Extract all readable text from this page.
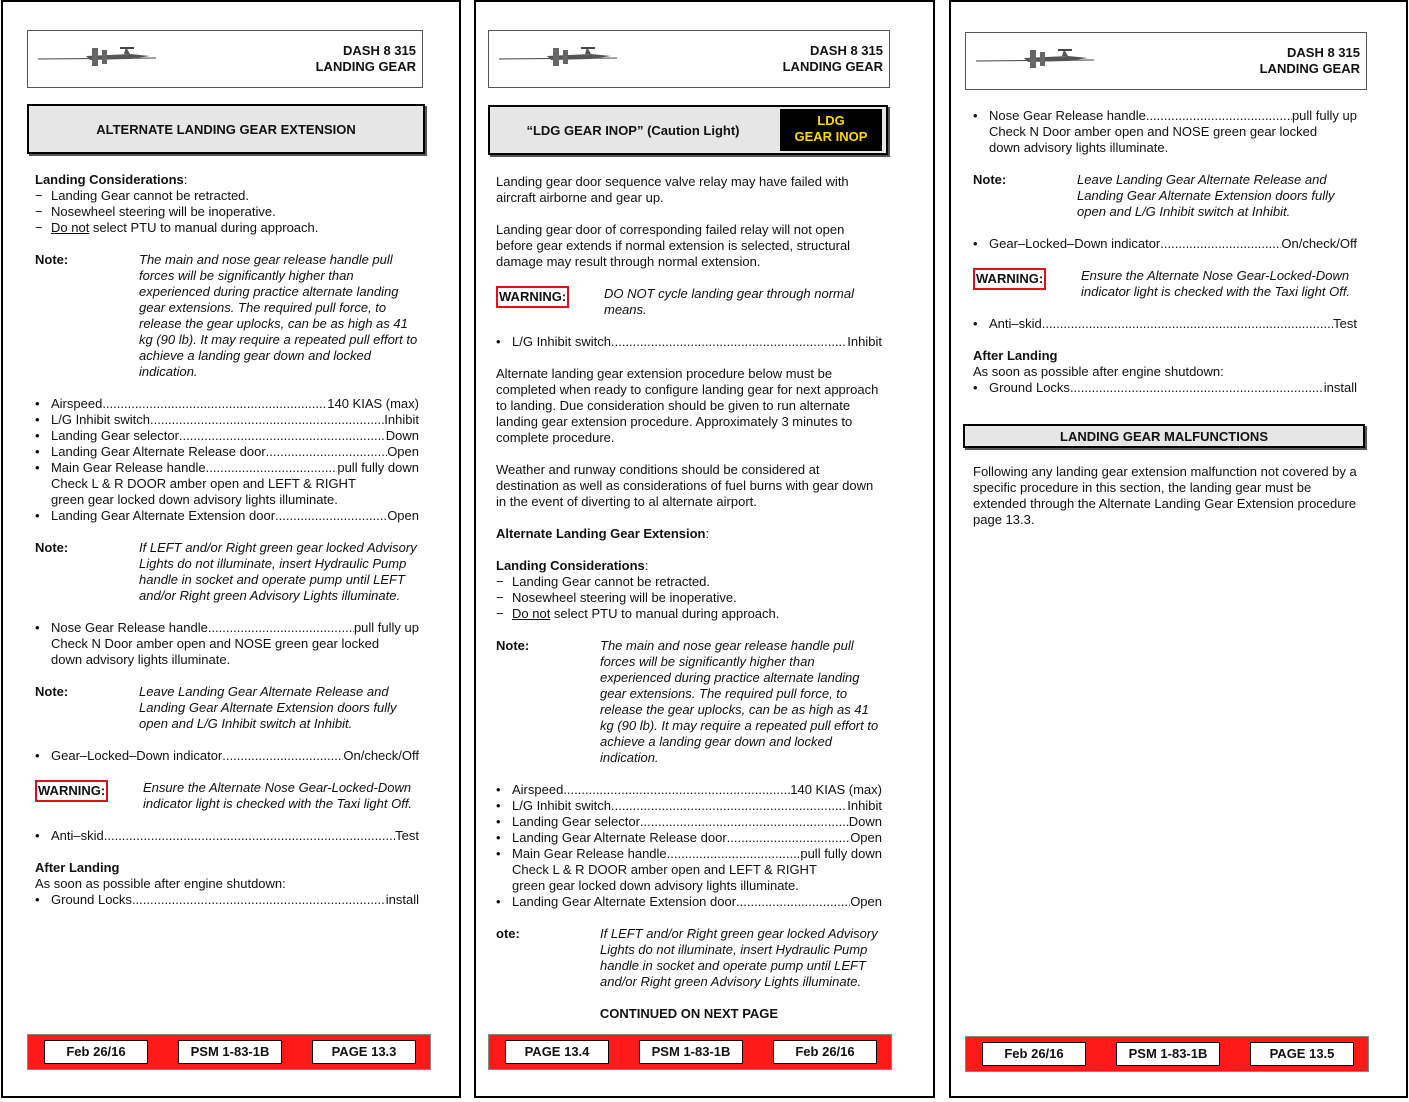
DASH 8 315
LANDING GEAR
ALTERNATE LANDING GEAR EXTENSION
Landing Considerations:
− Landing Gear cannot be retracted.
− Nosewheel steering will be inoperative.
− Do not select PTU to manual during approach.
Note:	The main and nose gear release handle pull forces will be significantly higher than experienced during practice alternate landing gear extensions. The required pull force, to release the gear uplocks, can be as high as 41 kg (90 lb). It may require a repeated pull effort to achieve a landing gear down and locked indication.
• Airspeed .....	140 KIAS (max)
• L/G Inhibit switch .....	Inhibit
• Landing Gear selector .....	Down
• Landing Gear Alternate Release door .....	Open
• Main Gear Release handle .....	pull fully down
Check L & R DOOR amber open and LEFT & RIGHT
green gear locked down advisory lights illuminate.
• Landing Gear Alternate Extension door .....	Open
Note:	If LEFT and/or Right green gear locked Advisory Lights do not illuminate, insert Hydraulic Pump handle in socket and operate pump until LEFT and/or Right green Advisory Lights illuminate.
• Nose Gear Release handle .....	pull fully up
Check N Door amber open and NOSE green gear locked
down advisory lights illuminate.
Note:	Leave Landing Gear Alternate Release and Landing Gear Alternate Extension doors fully open and L/G Inhibit switch at Inhibit.
• Gear–Locked–Down indicator .....	On/check/Off
WARNING:	Ensure the Alternate Nose Gear-Locked-Down indicator light is checked with the Taxi light Off.
• Anti–skid .....	Test
After Landing
As soon as possible after engine shutdown:
• Ground Locks .....	install
Feb 26/16	PSM 1-83-1B	PAGE 13.3
DASH 8 315
LANDING GEAR
“LDG GEAR INOP” (Caution Light)
LDG
GEAR INOP

Landing gear door sequence valve relay may have failed with aircraft airborne and gear up.

Landing gear door of corresponding failed relay will not open before gear extends if normal extension is selected, structural damage may result through normal extension.

WARNING:	DO NOT cycle landing gear through normal means.
• L/G Inhibit switch .....	Inhibit

Alternate landing gear extension procedure below must be completed when ready to configure landing gear for next approach to landing. Due consideration should be given to run alternate landing gear extension procedure. Approximately 3 minutes to complete procedure.

Weather and runway conditions should be considered at destination as well as considerations of fuel burns with gear down in the event of diverting to al alternate airport.

Alternate Landing Gear Extension:
Landing Considerations:
− Landing Gear cannot be retracted.
− Nosewheel steering will be inoperative.
− Do not select PTU to manual during approach.
Note:	The main and nose gear release handle pull forces will be significantly higher than experienced during practice alternate landing gear extensions. The required pull force, to release the gear uplocks, can be as high as 41 kg (90 lb). It may require a repeated pull effort to achieve a landing gear down and locked indication.
• Airspeed .....	140 KIAS (max)
• L/G Inhibit switch .....	Inhibit
• Landing Gear selector .....	Down
• Landing Gear Alternate Release door .....	Open
• Main Gear Release handle .....	pull fully down
Check L & R DOOR amber open and LEFT & RIGHT
green gear locked down advisory lights illuminate.
• Landing Gear Alternate Extension door .....	Open
ote:	If LEFT and/or Right green gear locked Advisory Lights do not illuminate, insert Hydraulic Pump handle in socket and operate pump until LEFT and/or Right green Advisory Lights illuminate.
CONTINUED ON NEXT PAGE
PAGE 13.4	PSM 1-83-1B	Feb 26/16
DASH 8 315
LANDING GEAR
• Nose Gear Release handle .....	pull fully up
Check N Door amber open and NOSE green gear locked
down advisory lights illuminate.
Note:	Leave Landing Gear Alternate Release and Landing Gear Alternate Extension doors fully open and L/G Inhibit switch at Inhibit.
• Gear–Locked–Down indicator .....	On/check/Off
WARNING:	Ensure the Alternate Nose Gear-Locked-Down indicator light is checked with the Taxi light Off.
• Anti–skid .....	Test
After Landing
As soon as possible after engine shutdown:
• Ground Locks .....	install
LANDING GEAR MALFUNCTIONS

Following any landing gear extension malfunction not covered by a specific procedure in this section, the landing gear must be extended through the Alternate Landing Gear Extension procedure page 13.3.

Feb 26/16	PSM 1-83-1B	PAGE 13.5
